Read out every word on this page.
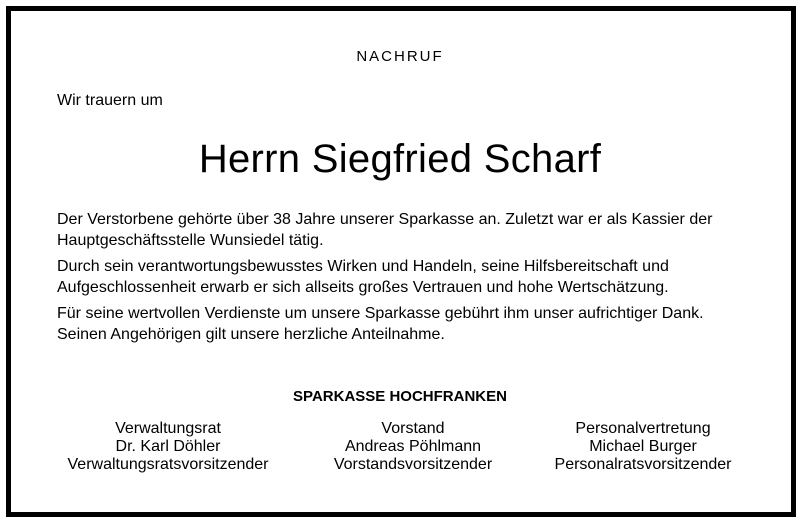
NACHRUF
Wir trauern um
Herrn Siegfried Scharf

Der Verstorbene gehörte über 38 Jahre unserer Sparkasse an. Zuletzt war er als Kassier der Hauptgeschäftsstelle Wunsiedel tätig.

Durch sein verantwortungsbewusstes Wirken und Handeln, seine Hilfsbereitschaft und Aufgeschlossenheit erwarb er sich allseits großes Vertrauen und hohe Wertschätzung.

Für seine wertvollen Verdienste um unsere Sparkasse gebührt ihm unser aufrichtiger Dank. Seinen Angehörigen gilt unsere herzliche Anteilnahme.

SPARKASSE HOCHFRANKEN
Verwaltungsrat
Dr. Karl Döhler
Verwaltungsratsvorsitzender
Vorstand
Andreas Pöhlmann
Vorstandsvorsitzender
Personalvertretung
Michael Burger
Personalratsvorsitzender
